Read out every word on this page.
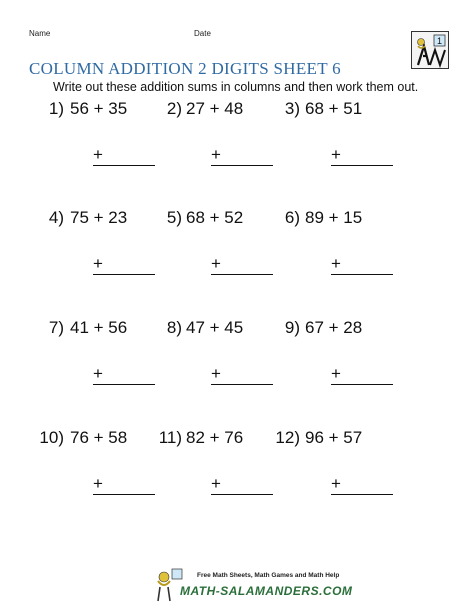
Name	Date
1
COLUMN ADDITION 2 DIGITS SHEET 6
Write out these addition sums in columns and then work them out.
1) 56 + 35
+
2) 27 + 48
+
3) 68 + 51
+
4) 75 + 23
+
5) 68 + 52
+
6) 89 + 15
+
7) 41 + 56
+
8) 47 + 45
+
9) 67 + 28
+
10) 76 + 58
+
11) 82 + 76
+
12) 96 + 57
+
Free Math Sheets, Math Games and Math Help
MATH-SALAMANDERS.COM
